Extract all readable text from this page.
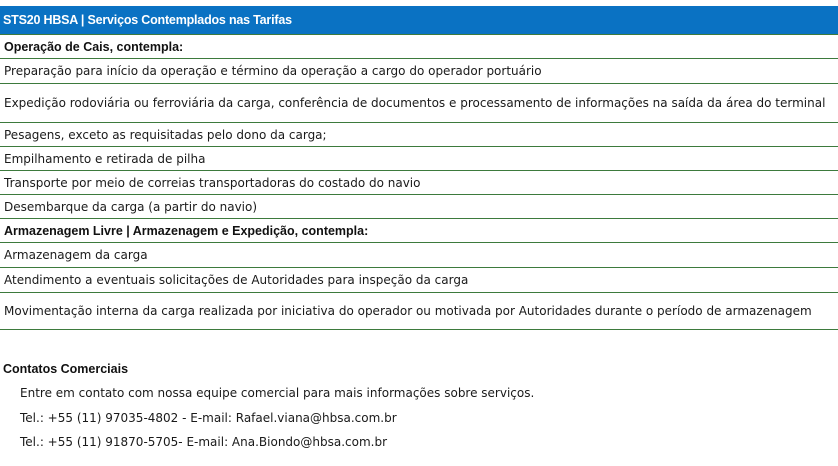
STS20 HBSA | Serviços Contemplados nas Tarifas
Operação de Cais, contempla:
Preparação para início da operação e término da operação a cargo do operador portuário
Expedição rodoviária ou ferroviária da carga, conferência de documentos e processamento de informações na saída da área do terminal
Pesagens, exceto as requisitadas pelo dono da carga;
Empilhamento e retirada de pilha
Transporte por meio de correias transportadoras do costado do navio
Desembarque da carga (a partir do navio)
Armazenagem Livre | Armazenagem e Expedição, contempla:
Armazenagem da carga
Atendimento a eventuais solicitações de Autoridades para inspeção da carga
Movimentação interna da carga realizada por iniciativa do operador ou motivada por Autoridades durante o período de armazenagem
Contatos Comerciais
Entre em contato com nossa equipe comercial para mais informações sobre serviços.
Tel.: +55 (11) 97035-4802 - E-mail: Rafael.viana@hbsa.com.br
Tel.: +55 (11) 91870-5705- E-mail: Ana.Biondo@hbsa.com.br
